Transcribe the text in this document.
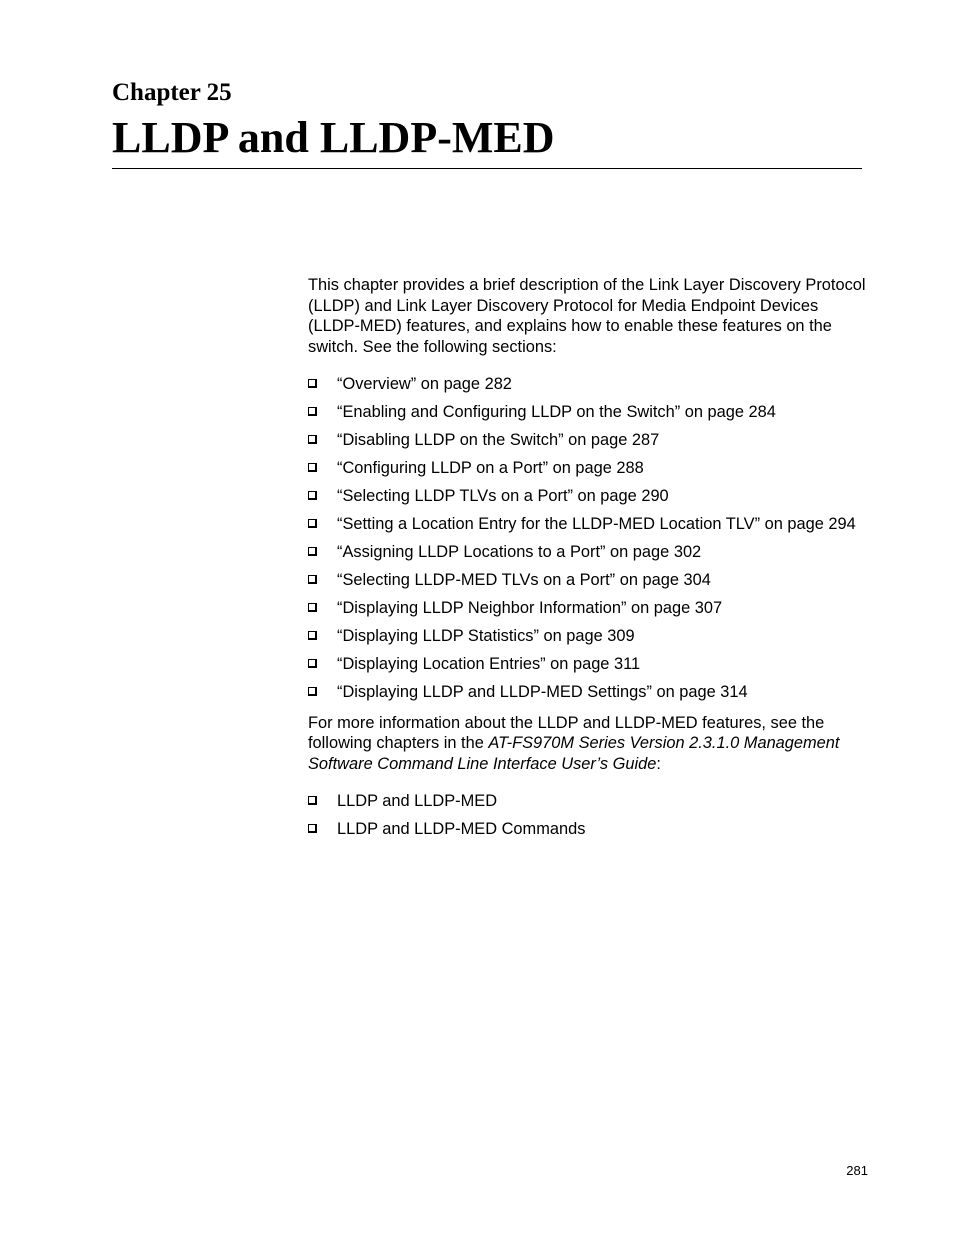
Chapter 25
LLDP and LLDP-MED

This chapter provides a brief description of the Link Layer Discovery Protocol (LLDP) and Link Layer Discovery Protocol for Media Endpoint Devices (LLDP-MED) features, and explains how to enable these features on the switch. See the following sections:

“Overview” on page 282
“Enabling and Configuring LLDP on the Switch” on page 284
“Disabling LLDP on the Switch” on page 287
“Configuring LLDP on a Port” on page 288
“Selecting LLDP TLVs on a Port” on page 290
“Setting a Location Entry for the LLDP-MED Location TLV” on page 294
“Assigning LLDP Locations to a Port” on page 302
“Selecting LLDP-MED TLVs on a Port” on page 304
“Displaying LLDP Neighbor Information” on page 307
“Displaying LLDP Statistics” on page 309
“Displaying Location Entries” on page 311
“Displaying LLDP and LLDP-MED Settings” on page 314

For more information about the LLDP and LLDP-MED features, see the following chapters in the AT-FS970M Series Version 2.3.1.0 Management Software Command Line Interface User’s Guide:

LLDP and LLDP-MED
LLDP and LLDP-MED Commands
281
